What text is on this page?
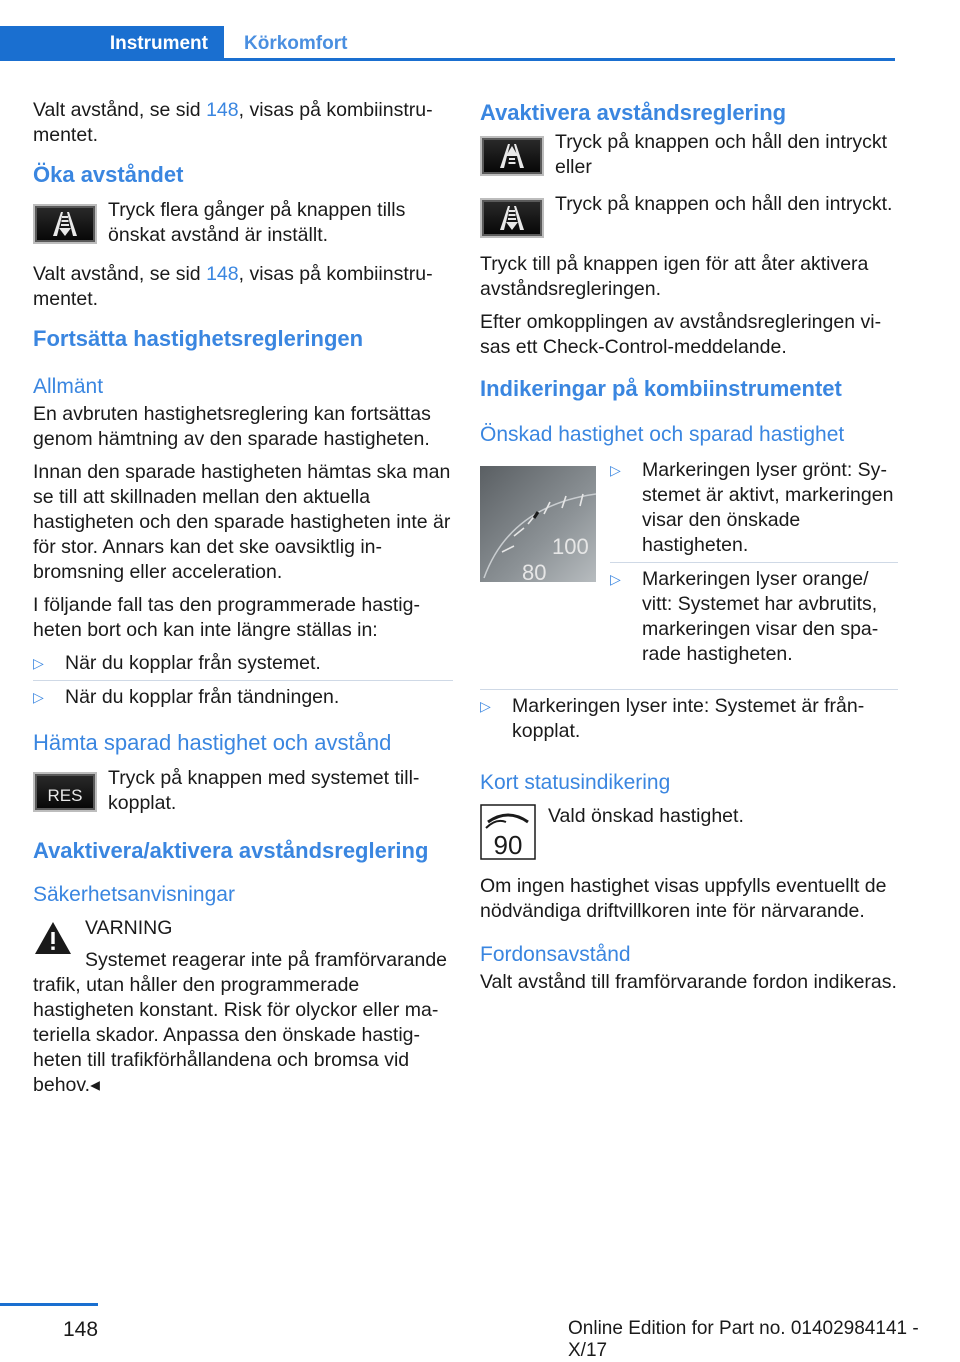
Instrument	Körkomfort

Valt avstånd, se sid 148, visas på kombiinstrumentet.

Öka avståndet
Tryck flera gånger på knappen tills önskat avstånd är inställt.

Valt avstånd, se sid 148, visas på kombiinstrumentet.

Fortsätta hastighetsregleringen
Allmänt

En avbruten hastighetsreglering kan fortsättas genom hämtning av den sparade hastigheten.

Innan den sparade hastigheten hämtas ska man se till att skillnaden mellan den aktuella hastigheten och den sparade hastigheten inte är för stor. Annars kan det ske oavsiktlig inbromsning eller acceleration.

I följande fall tas den programmerade hastigheten bort och kan inte längre ställas in:

▷ När du kopplar från systemet.
▷ När du kopplar från tändningen.
Hämta sparad hastighet och avstånd
RES
Tryck på knappen med systemet tillkopplat.
Avaktivera/aktivera avståndsreglering
Säkerhetsanvisningar
VARNING

Systemet reagerar inte på framförvarande trafik, utan håller den programmerade hastigheten konstant. Risk för olyckor eller materiella skador. Anpassa den önskade hastigheten till trafikförhållandena och bromsa vid behov.◂

Avaktivera avståndsreglering
Tryck på knappen och håll den intryckt eller
Tryck på knappen och håll den intryckt.

Tryck till på knappen igen för att åter aktivera avståndsregleringen.

Efter omkopplingen av avståndsregleringen visas ett Check-Control-meddelande.

Indikeringar på kombiinstrumentet
Önskad hastighet och sparad hastighet
100
80
▷ Markeringen lyser grönt: Systemet är aktivt, markeringen visar den önskade hastigheten.
▷ Markeringen lyser orange/ vitt: Systemet har avbrutits, markeringen visar den sparade hastigheten.
▷ Markeringen lyser inte: Systemet är frånkopplat.
Kort statusindikering
90
Vald önskad hastighet.

Om ingen hastighet visas uppfylls eventuellt de nödvändiga driftvillkoren inte för närvarande.

Fordonsavstånd

Valt avstånd till framförvarande fordon indikeras.

148	Online Edition for Part no. 01402984141 - X/17
